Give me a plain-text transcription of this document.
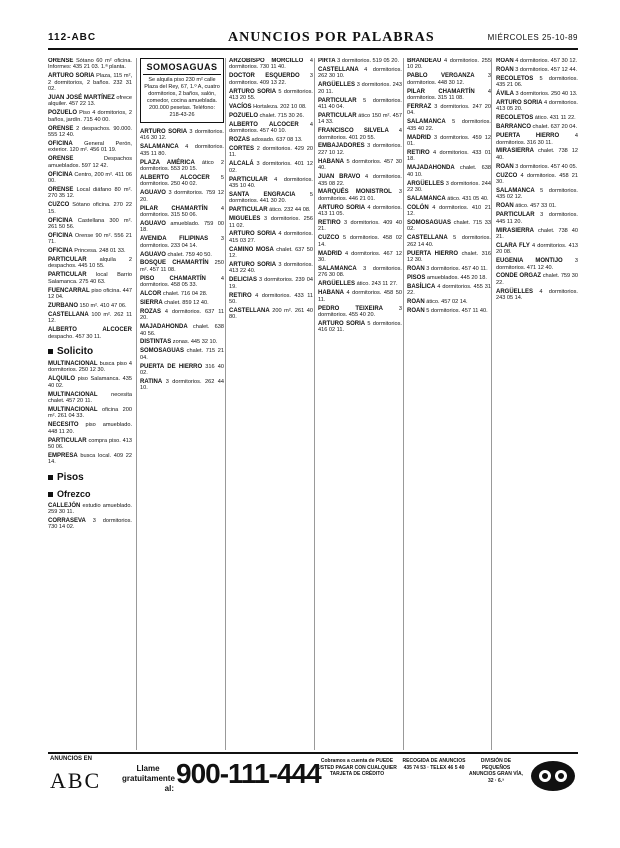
112-ABC	ANUNCIOS POR PALABRAS	MIÉRCOLES 25-10-89

ORENSE Sótano 60 m² oficina. Informes: 435 21 03. 1.ª planta.

ARTURO SORIA Plaza, 115 m², 2 dormitorios, 2 baños. 232 31 02.

JUAN JOSÉ MARTÍNEZ ofrece alquiler. 457 22 13.

POZUELO Piso 4 dormitorios, 2 baños, jardín. 715 40 00.

ORENSE 2 despachos. 90.000. 555 12 40.

OFICINA General Perón, exterior. 120 m². 456 01 19.

ORENSE Despachos amueblados. 597 12 42.

OFICINA Centro, 200 m². 411 06 00.

ORENSE Local diáfano 80 m². 270 35 12.

CUZCO Sótano oficina. 270 22 15.

OFICINA Castellana 300 m². 261 50 56.

OFICINA Orense 90 m². 556 21 71.

OFICINA Princesa. 248 01 33.

PARTICULAR alquila 2 despachos. 445 10 55.

PARTICULAR local Barrio Salamanca. 275 40 63.

FUENCARRAL piso oficina. 447 12 04.

ZURBANO 150 m². 410 47 06.

CASTELLANA 100 m². 262 11 12.

ALBERTO ALCOCER despacho. 457 30 11.

Solicito

MULTINACIONAL busca piso 4 dormitorios. 250 12 30.

ALQUILO piso Salamanca. 435 40 02.

MULTINACIONAL necesita chalet. 457 20 11.

MULTINACIONAL oficina 200 m². 261 04 33.

NECESITO piso amueblado. 448 11 20.

PARTICULAR compra piso. 413 50 06.

EMPRESA busca local. 409 22 14.

Pisos
Ofrezco

CALLEJÓN estudio amueblado. 259 30 11.

CORRASEVA 3 dormitorios. 730 14 02.

SOMOSAGUAS
Se alquila piso 230 m² calle Plaza del Rey, 67, 1.º A, cuatro dormitorios, 2 baños, salón, comedor, cocina amueblada. 200.000 pesetas. Teléfono: 218-43-26

ARTURO SORIA 3 dormitorios. 416 30 12.

SALAMANCA 4 dormitorios. 435 11 80.

PLAZA AMÉRICA ático 2 dormitorios. 553 20 15.

ALBERTO ALCOCER 5 dormitorios. 250 40 02.

AGUAVO 3 dormitorios. 759 12 20.

PILAR CHAMARTÍN 4 dormitorios. 315 50 06.

AGUAVO amueblado. 759 00 18.

AVENIDA FILIPINAS 3 dormitorios. 233 04 14.

AGUAVO chalet. 759 40 50.

BOSQUE CHAMARTÍN 250 m². 457 11 08.

PISO CHAMARTÍN 4 dormitorios. 458 05 33.

ALCOR chalet. 716 04 28.

SIERRA chalet. 859 12 40.

ROZAS 4 dormitorios. 637 11 20.

MAJADAHONDA chalet. 638 40 56.

DISTINTAS zonas. 445 32 10.

SOMOSAGUAS chalet. 715 21 04.

PUERTA DE HIERRO 316 40 02.

RATINA 3 dormitorios. 262 44 10.

ARZOBISPO MORCILLO 4 dormitorios. 730 11 40.

DOCTOR ESQUERDO 3 dormitorios. 409 13 22.

ARTURO SORIA 5 dormitorios. 413 20 55.

VACÍOS Hortaleza. 202 10 08.

POZUELO chalet. 715 30 26.

ALBERTO ALCOCER 4 dormitorios. 457 40 10.

ROZAS adosado. 637 08 13.

CORTES 2 dormitorios. 429 20 11.

ALCALÁ 3 dormitorios. 401 12 02.

PARTICULAR 4 dormitorios. 435 10 40.

SANTA ENGRACIA 5 dormitorios. 441 30 20.

PARTICULAR ático. 232 44 08.

MIGUELES 3 dormitorios. 256 11 02.

ARTURO SORIA 4 dormitorios. 415 03 27.

CAMINO MOSA chalet. 637 50 12.

ARTURO SORIA 3 dormitorios. 413 22 40.

DELICIAS 3 dormitorios. 239 04 19.

RETIRO 4 dormitorios. 433 11 50.

CASTELLANA 200 m². 261 40 80.

PIRTA 3 dormitorios. 519 05 20.

CASTELLANA 4 dormitorios. 262 30 10.

ARGÜELLES 3 dormitorios. 243 20 11.

PARTICULAR 5 dormitorios. 411 40 04.

PARTICULAR ático 150 m². 457 14 33.

FRANCISCO SILVELA 4 dormitorios. 401 20 55.

EMBAJADORES 3 dormitorios. 227 10 12.

HABANA 5 dormitorios. 457 30 40.

JUAN BRAVO 4 dormitorios. 435 08 22.

MARQUÉS MONISTROL 3 dormitorios. 446 21 01.

ARTURO SORIA 4 dormitorios. 413 11 05.

RETIRO 3 dormitorios. 409 40 21.

CUZCO 5 dormitorios. 458 02 14.

MADRID 4 dormitorios. 467 12 30.

SALAMANCA 3 dormitorios. 276 30 08.

ARGÜELLES ático. 243 11 27.

HABANA 4 dormitorios. 458 50 11.

PEDRO TEIXEIRA 3 dormitorios. 455 40 20.

ARTURO SORIA 5 dormitorios. 416 02 11.

BRANDEAU 4 dormitorios. 255 10 20.

PABLO VERGANZA 3 dormitorios. 448 30 12.

PILAR CHAMARTÍN 4 dormitorios. 315 11 08.

FERRAZ 3 dormitorios. 247 20 04.

SALAMANCA 5 dormitorios. 435 40 22.

MADRID 3 dormitorios. 459 12 01.

RETIRO 4 dormitorios. 433 01 18.

MAJADAHONDA chalet. 638 40 10.

ARGÜELLES 3 dormitorios. 244 22 30.

SALAMANCA ático. 431 05 40.

COLÓN 4 dormitorios. 410 21 12.

SOMOSAGUAS chalet. 715 33 02.

CASTELLANA 5 dormitorios. 262 14 40.

PUERTA HIERRO chalet. 316 12 30.

ROAN 3 dormitorios. 457 40 11.

PISOS amueblados. 445 20 18.

BASÍLICA 4 dormitorios. 455 31 22.

ROAN ático. 457 02 14.

ROAN 5 dormitorios. 457 11 40.

ROAN 4 dormitorios. 457 30 12.

ROAN 3 dormitorios. 457 12 44.

RECOLETOS 5 dormitorios. 435 21 06.

ÁVILA 3 dormitorios. 250 40 13.

ARTURO SORIA 4 dormitorios. 413 05 20.

RECOLETOS ático. 431 11 22.

BARRANCO chalet. 637 20 04.

PUERTA HIERRO 4 dormitorios. 316 30 11.

MIRASIERRA chalet. 738 12 40.

ROAN 3 dormitorios. 457 40 05.

CUZCO 4 dormitorios. 458 21 30.

SALAMANCA 5 dormitorios. 435 02 12.

ROAN ático. 457 33 01.

PARTICULAR 3 dormitorios. 445 11 20.

MIRASIERRA chalet. 738 40 21.

CLARA FLY 4 dormitorios. 413 20 08.

EUGENIA MONTIJO 3 dormitorios. 471 12 40.

CONDE ORGAZ chalet. 759 30 22.

ARGÜELLES 4 dormitorios. 243 05 14.

ANUNCIOS EN
ABC	Llame
gratuitamente al: 900-111-444 Cobramos a cuenta de PUEDE USTED PAGAR CON CUALQUIER TARJETA DE CRÉDITO
RECOGIDA DE ANUNCIOS 435 74 53 · TELEX 46 5 40
DIVISIÓN DE PEQUEÑOS ANUNCIOS GRAN VÍA, 32 · 6.ª
